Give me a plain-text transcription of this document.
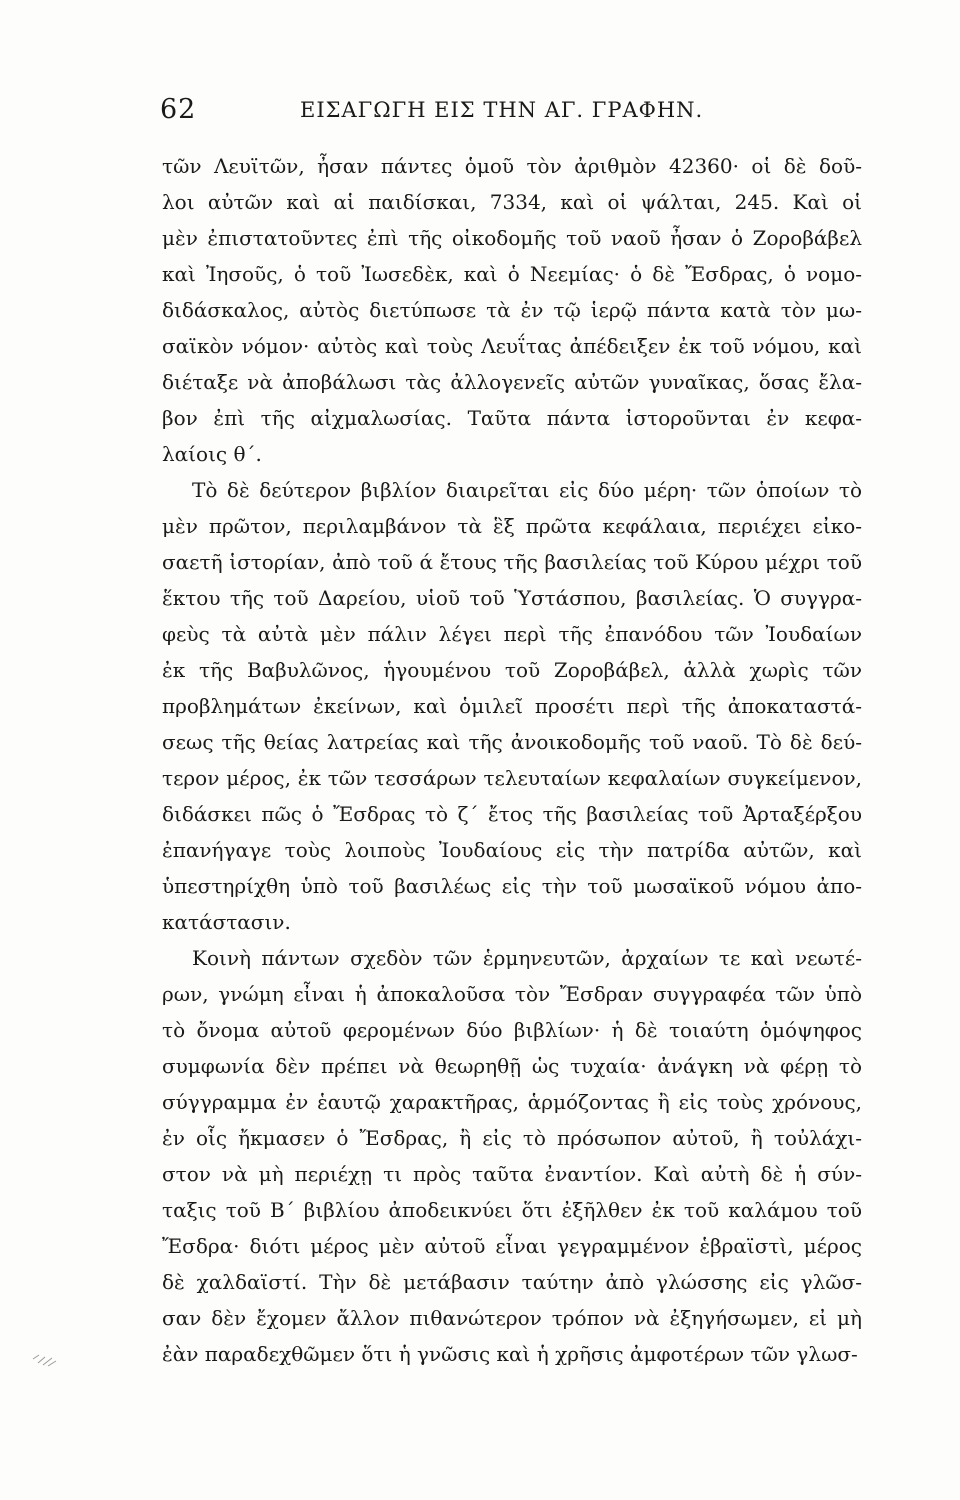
62	ΕΙΣΑΓΩΓΗ ΕΙΣ ΤΗΝ ΑΓ. ΓΡΑΦΗΝ.
τῶν Λευϊτῶν, ἦσαν πάντες ὁμοῦ τὸν ἀριθμὸν 42360· οἱ δὲ δοῦ-
λοι αὐτῶν καὶ αἱ παιδίσκαι, 7334, καὶ οἱ ψάλται, 245. Καὶ οἱ
μὲν ἐπιστατοῦντες ἐπὶ τῆς οἰκοδομῆς τοῦ ναοῦ ἦσαν ὁ Ζοροβάβελ
καὶ Ἰησοῦς, ὁ τοῦ Ἰωσεδὲκ, καὶ ὁ Νεεμίας· ὁ δὲ Ἔσδρας, ὁ νομο-
διδάσκαλος, αὐτὸς διετύπωσε τὰ ἐν τῷ ἱερῷ πάντα κατὰ τὸν μω-
σαϊκὸν νόμον· αὐτὸς καὶ τοὺς Λευΐτας ἀπέδειξεν ἐκ τοῦ νόμου, καὶ
διέταξε νὰ ἀποβάλωσι τὰς ἀλλογενεῖς αὐτῶν γυναῖκας, ὅσας ἔλα-
βον ἐπὶ τῆς αἰχμαλωσίας. Ταῦτα πάντα ἱστοροῦνται ἐν κεφα-
λαίοις θ΄.
Τὸ δὲ δεύτερον βιβλίον διαιρεῖται εἰς δύο μέρη· τῶν ὁποίων τὸ
μὲν πρῶτον, περιλαμβάνον τὰ ἓξ πρῶτα κεφάλαια, περιέχει εἰκο-
σαετῆ ἱστορίαν, ἀπὸ τοῦ ά ἔτους τῆς βασιλείας τοῦ Κύρου μέχρι τοῦ
ἕκτου τῆς τοῦ Δαρείου, υἱοῦ τοῦ Ὑστάσπου, βασιλείας. Ὁ συγγρα-
φεὺς τὰ αὐτὰ μὲν πάλιν λέγει περὶ τῆς ἐπανόδου τῶν Ἰουδαίων
ἐκ τῆς Βαβυλῶνος, ἡγουμένου τοῦ Ζοροβάβελ, ἀλλὰ χωρὶς τῶν
προβλημάτων ἐκείνων, καὶ ὁμιλεῖ προσέτι περὶ τῆς ἀποκαταστά-
σεως τῆς θείας λατρείας καὶ τῆς ἀνοικοδομῆς τοῦ ναοῦ. Τὸ δὲ δεύ-
τερον μέρος, ἐκ τῶν τεσσάρων τελευταίων κεφαλαίων συγκείμενον,
διδάσκει πῶς ὁ Ἔσδρας τὸ ζ΄ ἔτος τῆς βασιλείας τοῦ Ἀρταξέρξου
ἐπανήγαγε τοὺς λοιποὺς Ἰουδαίους εἰς τὴν πατρίδα αὐτῶν, καὶ
ὑπεστηρίχθη ὑπὸ τοῦ βασιλέως εἰς τὴν τοῦ μωσαϊκοῦ νόμου ἀπο-
κατάστασιν.
Κοινὴ πάντων σχεδὸν τῶν ἑρμηνευτῶν, ἀρχαίων τε καὶ νεωτέ-
ρων, γνώμη εἶναι ἡ ἀποκαλοῦσα τὸν Ἔσδραν συγγραφέα τῶν ὑπὸ
τὸ ὄνομα αὐτοῦ φερομένων δύο βιβλίων· ἡ δὲ τοιαύτη ὁμόψηφος
συμφωνία δὲν πρέπει νὰ θεωρηθῇ ὡς τυχαία· ἀνάγκη νὰ φέρῃ τὸ
σύγγραμμα ἐν ἑαυτῷ χαρακτῆρας, ἁρμόζοντας ἢ εἰς τοὺς χρόνους,
ἐν οἷς ἤκμασεν ὁ Ἔσδρας, ἢ εἰς τὸ πρόσωπον αὐτοῦ, ἢ τοὐλάχι-
στον νὰ μὴ περιέχῃ τι πρὸς ταῦτα ἐναντίον. Καὶ αὐτὴ δὲ ἡ σύν-
ταξις τοῦ Β΄ βιβλίου ἀποδεικνύει ὅτι ἐξῆλθεν ἐκ τοῦ καλάμου τοῦ
Ἔσδρα· διότι μέρος μὲν αὐτοῦ εἶναι γεγραμμένον ἑβραϊστὶ, μέρος
δὲ χαλδαϊστί. Τὴν δὲ μετάβασιν ταύτην ἀπὸ γλώσσης εἰς γλῶσ-
σαν δὲν ἔχομεν ἄλλον πιθανώτερον τρόπον νὰ ἐξηγήσωμεν, εἰ μὴ
ἐὰν παραδεχθῶμεν ὅτι ἡ γνῶσις καὶ ἡ χρῆσις ἀμφοτέρων τῶν γλωσ-
